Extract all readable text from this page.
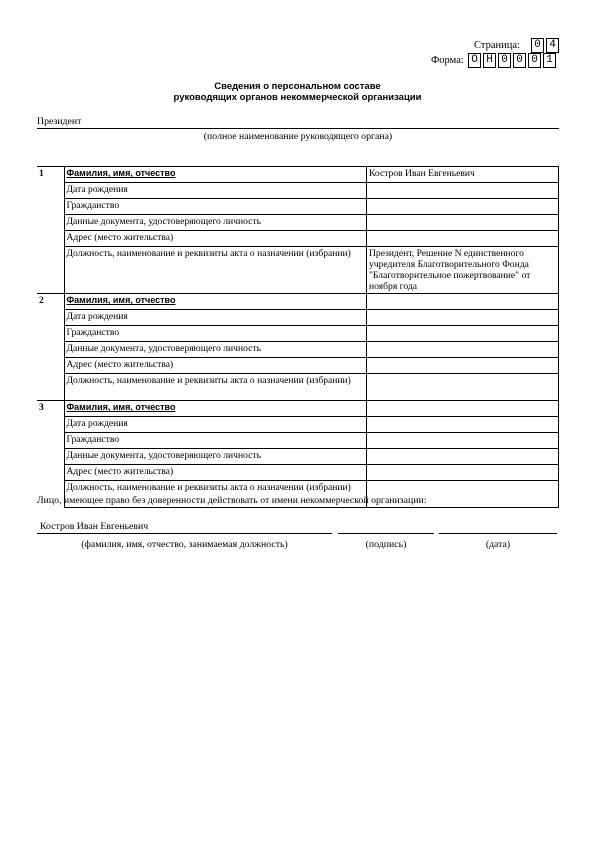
Страница: 0 4
Форма: О Н 0 0 0 1
Сведения о персональном составе
руководящих органов некоммерческой организации
Президент
(полное наименование руководящего органа)
1	Фамилия, имя, отчество	Костров Иван Евгеньевич
	Дата рождения	
	Гражданство	
	Данные документа, удостоверяющего личность	
	Адрес (место жительства)	
	Должность, наименование и реквизиты акта о назначении (избрании)	Президент, Решение N единственного учредителя Благотворительного Фонда "Благотворительное пожертвование" от ноября года
2	Фамилия, имя, отчество	
	Дата рождения	
	Гражданство	
	Данные документа, удостоверяющего личность	
	Адрес (место жительства)	
	Должность, наименование и реквизиты акта о назначении (избрании)	
3	Фамилия, имя, отчество	
	Дата рождения	
	Гражданство	
	Данные документа, удостоверяющего личность	
	Адрес (место жительства)	
	Должность, наименование и реквизиты акта о назначении (избрании)	
Лицо, имеющее право без доверенности действовать от имени некоммерческой организации:
Костров Иван Евгеньевич
(фамилия, имя, отчество, занимаемая должность)	(подпись)	(дата)
